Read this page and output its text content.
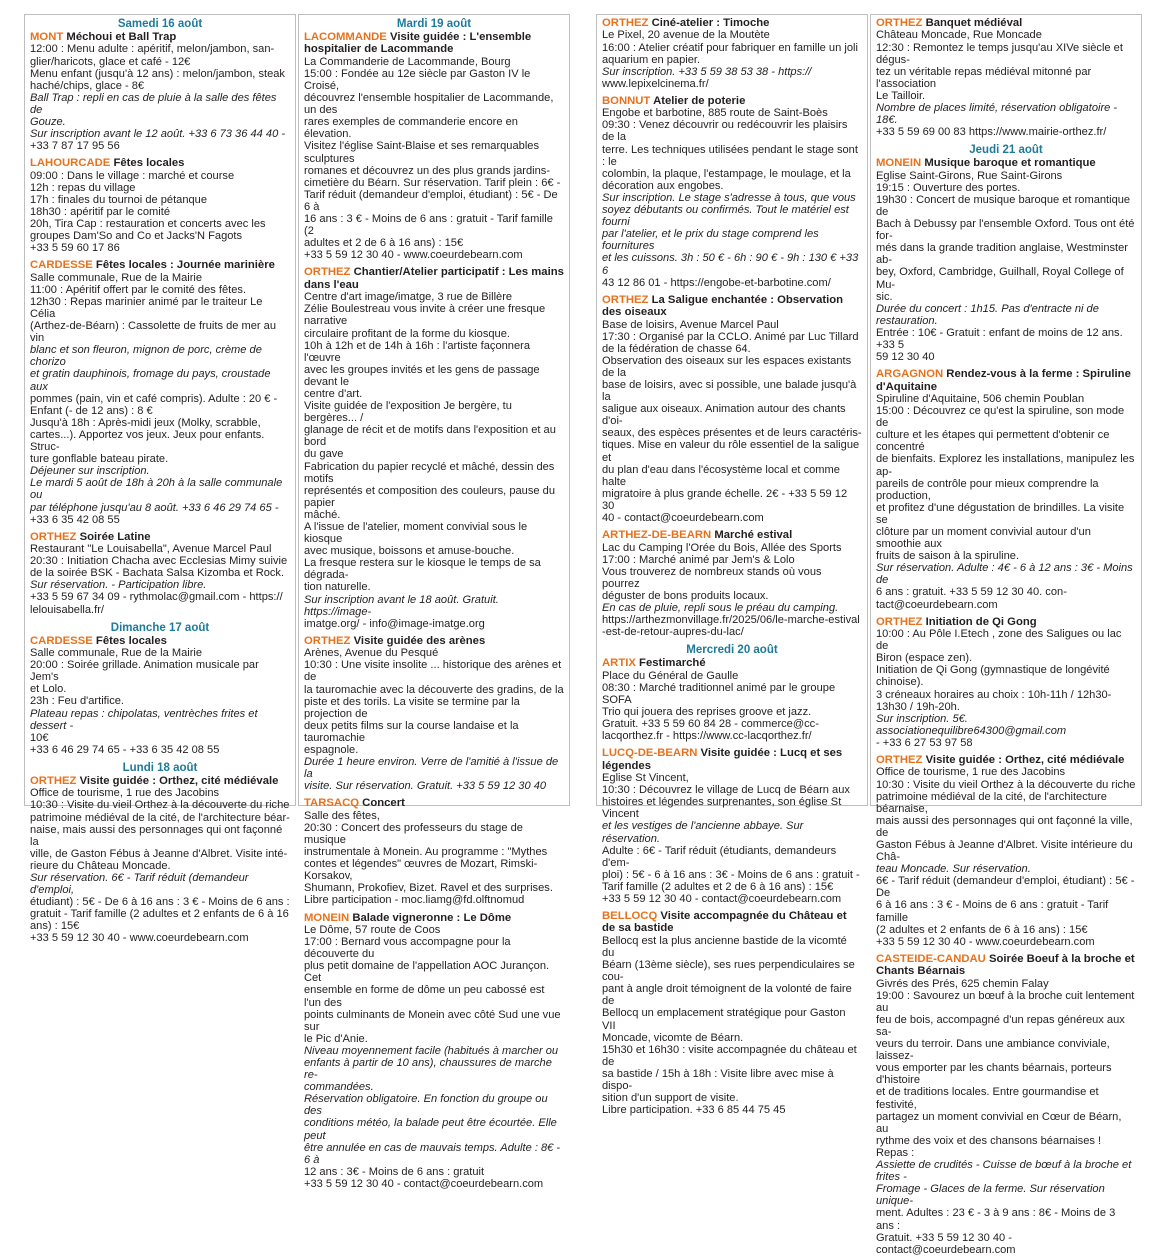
Samedi 16 août
MONT Méchoui et Ball Trap
12:00 : Menu adulte : apéritif, melon/jambon, san-
glier/haricots, glace et café - 12€
Menu enfant (jusqu'à 12 ans) : melon/jambon, steak
haché/chips, glace - 8€
Ball Trap : repli en cas de pluie à la salle des fêtes de
Gouze.
Sur inscription avant le 12 août. +33 6 73 36 44 40 -
+33 7 87 17 95 56
LAHOURCADE Fêtes locales
09:00 : Dans le village : marché et course
12h : repas du village
17h : finales du tournoi de pétanque
18h30 : apéritif par le comité
20h, Tira Cap : restauration et concerts avec les
groupes Dam'So and Co et Jacks'N Fagots
+33 5 59 60 17 86
CARDESSE Fêtes locales : Journée marinière
Salle communale, Rue de la Mairie
11:00 : Apéritif offert par le comité des fêtes.
12h30 : Repas marinier animé par le traiteur Le Célia
(Arthez-de-Béarn) : Cassolette de fruits de mer au vin
blanc et son fleuron, mignon de porc, crème de chorizo
et gratin dauphinois, fromage du pays, croustade aux
pommes (pain, vin et café compris). Adulte : 20 € -
Enfant (- de 12 ans) : 8 €
Jusqu'à 18h : Après-midi jeux (Molky, scrabble,
cartes...). Apportez vos jeux. Jeux pour enfants. Struc-
ture gonflable bateau pirate.
Déjeuner sur inscription.
Le mardi 5 août de 18h à 20h à la salle communale ou
par téléphone jusqu'au 8 août. +33 6 46 29 74 65 -
+33 6 35 42 08 55
ORTHEZ Soirée Latine
Restaurant "Le Louisabella", Avenue Marcel Paul
20:30 : Initiation Chacha avec Ecclesias Mimy suivie
de la soirée BSK - Bachata Salsa Kizomba et Rock.
Sur réservation. - Participation libre.
+33 5 59 67 34 09 - rythmolac@gmail.com - https://
lelouisabella.fr/
Dimanche 17 août
CARDESSE Fêtes locales
Salle communale, Rue de la Mairie
20:00 : Soirée grillade. Animation musicale par Jem's
et Lolo.
23h : Feu d'artifice.
Plateau repas : chipolatas, ventrèches frites et dessert -
10€
+33 6 46 29 74 65 - +33 6 35 42 08 55
Lundi 18 août
ORTHEZ Visite guidée : Orthez, cité médiévale
Office de tourisme, 1 rue des Jacobins
10:30 : Visite du vieil Orthez à la découverte du riche
patrimoine médiéval de la cité, de l'architecture béar-
naise, mais aussi des personnages qui ont façonné la
ville, de Gaston Fébus à Jeanne d'Albret. Visite inté-
rieure du Château Moncade.
Sur réservation. 6€ - Tarif réduit (demandeur d'emploi,
étudiant) : 5€ - De 6 à 16 ans : 3 € - Moins de 6 ans :
gratuit - Tarif famille (2 adultes et 2 enfants de 6 à 16
ans) : 15€
+33 5 59 12 30 40 - www.coeurdebearn.com
Mardi 19 août
LACOMMANDE Visite guidée : L'ensemble hospitalier de Lacommande
La Commanderie de Lacommande, Bourg
15:00 : Fondée au 12e siècle par Gaston IV le Croisé,
découvrez l'ensemble hospitalier de Lacommande, un des
rares exemples de commanderie encore en élevation.
Visitez l'église Saint-Blaise et ses remarquables sculptures
romanes et découvrez un des plus grands jardins-
cimetière du Béarn. Sur réservation. Tarif plein : 6€ -
Tarif réduit (demandeur d'emploi, étudiant) : 5€ - De 6 à
16 ans : 3 € - Moins de 6 ans : gratuit - Tarif famille (2
adultes et 2 de 6 à 16 ans) : 15€
+33 5 59 12 30 40 - www.coeurdebearn.com
ORTHEZ Chantier/Atelier participatif : Les mains dans l'eau
Centre d'art image/imatge, 3 rue de Billère
Zélie Boulestreau vous invite à créer une fresque narrative
circulaire profitant de la forme du kiosque.
10h à 12h et de 14h à 16h : l'artiste façonnera l'œuvre
avec les groupes invités et les gens de passage devant le
centre d'art.
Visite guidée de l'exposition Je bergère, tu bergères... /
glanage de récit et de motifs dans l'exposition et au bord
du gave
Fabrication du papier recyclé et mâché, dessin des motifs
représentés et composition des couleurs, pause du papier
mâché.
A l'issue de l'atelier, moment convivial sous le kiosque
avec musique, boissons et amuse-bouche.
La fresque restera sur le kiosque le temps de sa dégrada-
tion naturelle.
Sur inscription avant le 18 août. Gratuit. https://image-
imatge.org/ - info@image-imatge.org
ORTHEZ Visite guidée des arènes
Arènes, Avenue du Pesqué
10:30 : Une visite insolite ... historique des arènes et de
la tauromachie avec la découverte des gradins, de la
piste et des torils. La visite se termine par la projection de
deux petits films sur la course landaise et la tauromachie
espagnole.
Durée 1 heure environ. Verre de l'amitié à l'issue de la
visite. Sur réservation. Gratuit. +33 5 59 12 30 40
TARSACQ Concert
Salle des fêtes,
20:30 : Concert des professeurs du stage de musique
instrumentale à Monein. Au programme : "Mythes
contes et légendes" œuvres de Mozart, Rimski-Korsakov,
Shumann, Prokofiev, Bizet. Ravel et des surprises.
Libre participation - moc.liamg@fd.olftnomud
MONEIN Balade vigneronne : Le Dôme
Le Dôme, 57 route de Coos
17:00 : Bernard vous accompagne pour la découverte du
plus petit domaine de l'appellation AOC Jurançon. Cet
ensemble en forme de dôme un peu cabossé est l'un des
points culminants de Monein avec côté Sud une vue sur
le Pic d'Anie.
Niveau moyennement facile (habitués à marcher ou
enfants à partir de 10 ans), chaussures de marche re-
commandées.
Réservation obligatoire. En fonction du groupe ou des
conditions météo, la balade peut être écourtée. Elle peut
être annulée en cas de mauvais temps. Adulte : 8€ - 6 à
12 ans : 3€ - Moins de 6 ans : gratuit
+33 5 59 12 30 40 - contact@coeurdebearn.com
ORTHEZ Ciné-atelier : Timoche
Le Pixel, 20 avenue de la Moutète
16:00 : Atelier créatif pour fabriquer en famille un joli
aquarium en papier.
Sur inscription. +33 5 59 38 53 38 - https://
www.lepixelcinema.fr/
BONNUT Atelier de poterie
Engobe et barbotine, 885 route de Saint-Boès
09:30 : Venez découvrir ou redécouvrir les plaisirs de la
terre. Les techniques utilisées pendant le stage sont : le
colombin, la plaque, l'estampage, le moulage, et la
décoration aux engobes.
Sur inscription. Le stage s'adresse à tous, que vous
soyez débutants ou confirmés. Tout le matériel est fourni
par l'atelier, et le prix du stage comprend les fournitures
et les cuissons. 3h : 50 € - 6h : 90 € - 9h : 130 € +33 6
43 12 86 01 - https://engobe-et-barbotine.com/
ORTHEZ La Saligue enchantée : Observation des oiseaux
Base de loisirs, Avenue Marcel Paul
17:30 : Organisé par la CCLO. Animé par Luc Tillard
de la fédération de chasse 64.
Observation des oiseaux sur les espaces existants de la
base de loisirs, avec si possible, une balade jusqu'à la
saligue aux oiseaux. Animation autour des chants d'oi-
seaux, des espèces présentes et de leurs caractéris-
tiques. Mise en valeur du rôle essentiel de la saligue et
du plan d'eau dans l'écosystème local et comme halte
migratoire à plus grande échelle. 2€ - +33 5 59 12 30
40 - contact@coeurdebearn.com
ARTHEZ-DE-BEARN Marché estival
Lac du Camping l'Orée du Bois, Allée des Sports
17:00 : Marché animé par Jem's & Lolo
Vous trouverez de nombreux stands où vous pourrez
déguster de bons produits locaux.
En cas de pluie, repli sous le préau du camping.
https://arthezmonvillage.fr/2025/06/le-marche-estival
-est-de-retour-aupres-du-lac/
Mercredi 20 août
ARTIX Festimarché
Place du Général de Gaulle
08:30 : Marché traditionnel animé par le groupe SOFA
Trio qui jouera des reprises groove et jazz.
Gratuit. +33 5 59 60 84 28 - commerce@cc-
lacqorthez.fr - https://www.cc-lacqorthez.fr/
LUCQ-DE-BEARN Visite guidée : Lucq et ses légendes
Eglise St Vincent,
10:30 : Découvrez le village de Lucq de Béarn aux
histoires et légendes surprenantes, son église St Vincent
et les vestiges de l'ancienne abbaye. Sur réservation.
Adulte : 6€ - Tarif réduit (étudiants, demandeurs d'em-
ploi) : 5€ - 6 à 16 ans : 3€ - Moins de 6 ans : gratuit -
Tarif famille (2 adultes et 2 de 6 à 16 ans) : 15€
+33 5 59 12 30 40 - contact@coeurdebearn.com
BELLOCQ Visite accompagnée du Château et de sa bastide
Bellocq est la plus ancienne bastide de la vicomté du
Béarn (13ème siècle), ses rues perpendiculaires se cou-
pant à angle droit témoignent de la volonté de faire de
Bellocq un emplacement stratégique pour Gaston VII
Moncade, vicomte de Béarn.
15h30 et 16h30 : visite accompagnée du château et de
sa bastide / 15h à 18h : Visite libre avec mise à dispo-
sition d'un support de visite.
Libre participation. +33 6 85 44 75 45
ORTHEZ Banquet médiéval
Château Moncade, Rue Moncade
12:30 : Remontez le temps jusqu'au XIVe siècle et dégus-
tez un véritable repas médiéval mitonné par l'association
Le Tailloir.
Nombre de places limité, réservation obligatoire - 18€.
+33 5 59 69 00 83 https://www.mairie-orthez.fr/
Jeudi 21 août
MONEIN Musique baroque et romantique
Eglise Saint-Girons, Rue Saint-Girons
19:15 : Ouverture des portes.
19h30 : Concert de musique baroque et romantique de
Bach à Debussy par l'ensemble Oxford. Tous ont été for-
més dans la grande tradition anglaise, Westminster ab-
bey, Oxford, Cambridge, Guilhall, Royal College of Mu-
sic.
Durée du concert : 1h15. Pas d'entracte ni de restauration.
Entrée : 10€ - Gratuit : enfant de moins de 12 ans. +33 5
59 12 30 40
ARGAGNON Rendez-vous à la ferme : Spiruline d'Aquitaine
Spiruline d'Aquitaine, 506 chemin Poublan
15:00 : Découvrez ce qu'est la spiruline, son mode de
culture et les étapes qui permettent d'obtenir ce concentré
de bienfaits. Explorez les installations, manipulez les ap-
pareils de contrôle pour mieux comprendre la production,
et profitez d'une dégustation de brindilles. La visite se
clôture par un moment convivial autour d'un smoothie aux
fruits de saison à la spiruline.
Sur réservation. Adulte : 4€ - 6 à 12 ans : 3€ - Moins de
6 ans : gratuit. +33 5 59 12 30 40. con-
tact@coeurdebearn.com
ORTHEZ Initiation de Qi Gong
10:00 : Au Pôle I.Etech , zone des Saligues ou lac de
Biron (espace zen).
Initiation de Qi Gong (gymnastique de longévité chinoise).
3 créneaux horaires au choix : 10h-11h / 12h30-
13h30 / 19h-20h.
Sur inscription. 5€. associationequilibre64300@gmail.com
- +33 6 27 53 97 58
ORTHEZ Visite guidée : Orthez, cité médiévale
Office de tourisme, 1 rue des Jacobins
10:30 : Visite du vieil Orthez à la découverte du riche
patrimoine médiéval de la cité, de l'architecture béarnaise,
mais aussi des personnages qui ont façonné la ville, de
Gaston Fébus à Jeanne d'Albret. Visite intérieure du Châ-
teau Moncade. Sur réservation.
6€ - Tarif réduit (demandeur d'emploi, étudiant) : 5€ - De
6 à 16 ans : 3 € - Moins de 6 ans : gratuit - Tarif famille
(2 adultes et 2 enfants de 6 à 16 ans) : 15€
+33 5 59 12 30 40 - www.coeurdebearn.com
CASTEIDE-CANDAU Soirée Boeuf à la broche et Chants Béarnais
Givrés des Prés, 625 chemin Falay
19:00 : Savourez un bœuf à la broche cuit lentement au
feu de bois, accompagné d'un repas généreux aux sa-
veurs du terroir. Dans une ambiance conviviale, laissez-
vous emporter par les chants béarnais, porteurs d'histoire
et de traditions locales. Entre gourmandise et festivité,
partagez un moment convivial en Cœur de Béarn, au
rythme des voix et des chansons béarnaises ! Repas :
Assiette de crudités - Cuisse de bœuf à la broche et frites -
Fromage - Glaces de la ferme. Sur réservation unique-
ment. Adultes : 23 € - 3 à 9 ans : 8€ - Moins de 3 ans :
Gratuit. +33 5 59 12 30 40 - contact@coeurdebearn.com
